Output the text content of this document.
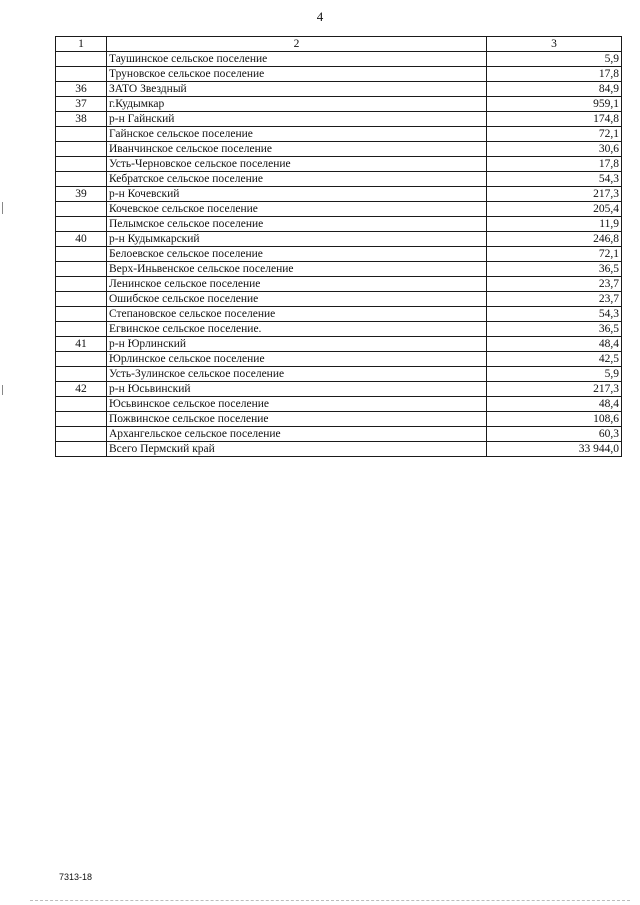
4
1	2	3
	Таушинское сельское поселение	5,9
	Труновское сельское поселение	17,8
36	ЗАТО Звездный	84,9
37	г.Кудымкар	959,1
38	р-н Гайнский	174,8
	Гайнское сельское поселение	72,1
	Иванчинское сельское поселение	30,6
	Усть-Черновское сельское поселение	17,8
	Кебратское сельское поселение	54,3
39	р-н Кочевский	217,3
	Кочевское сельское поселение	205,4
	Пелымское сельское поселение	11,9
40	р-н Кудымкарский	246,8
	Белоевское сельское поселение	72,1
	Верх-Иньвенское сельское поселение	36,5
	Ленинское сельское поселение	23,7
	Ошибское сельское поселение	23,7
	Степановское сельское поселение	54,3
	Егвинское сельское поселение.	36,5
41	р-н Юрлинский	48,4
	Юрлинское сельское поселение	42,5
	Усть-Зулинское сельское поселение	5,9
42	р-н Юсьвинский	217,3
	Юсьвинское сельское поселение	48,4
	Пожвинское сельское поселение	108,6
	Архангельское сельское поселение	60,3
	Всего Пермский край	33 944,0
7313-18
